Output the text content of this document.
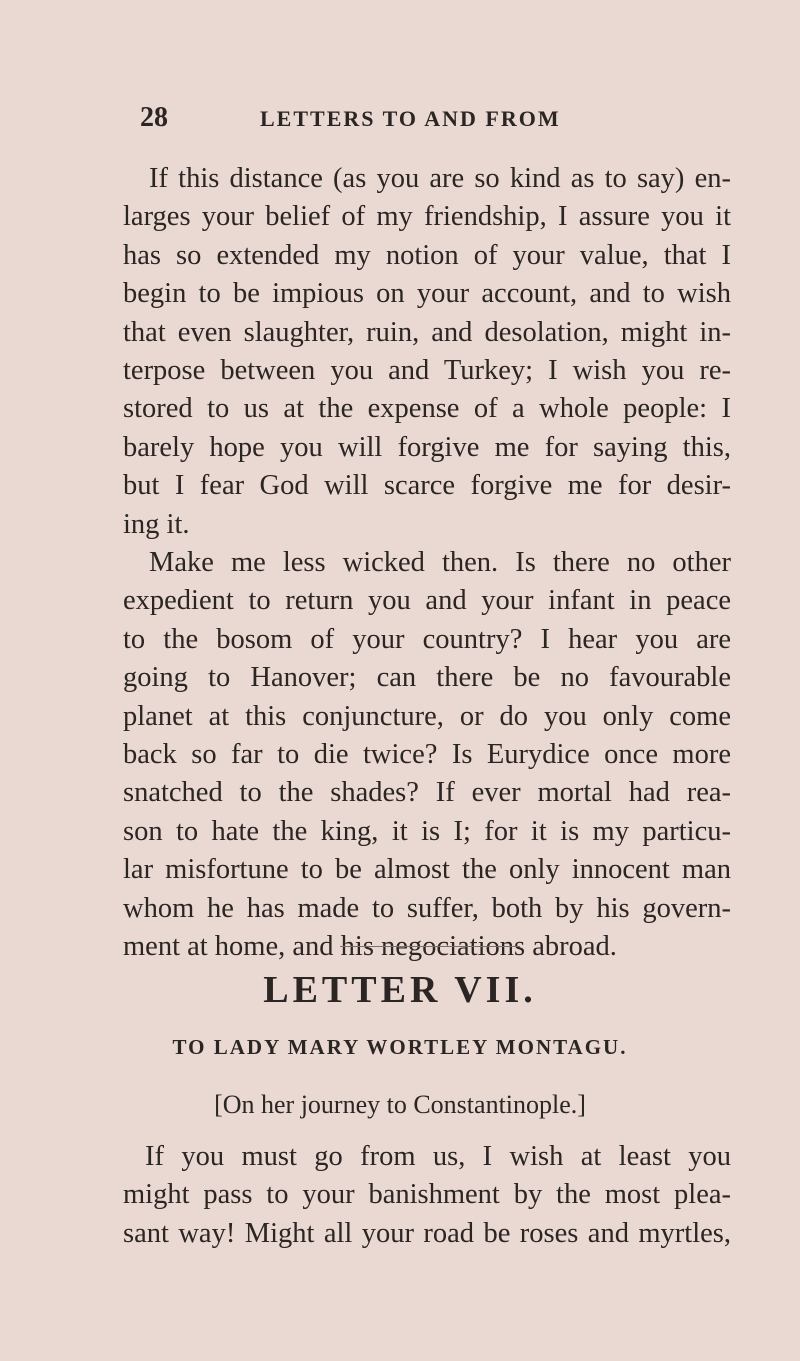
28	LETTERS TO AND FROM
If this distance (as you are so kind as to say) en-
larges your belief of my friendship, I assure you it
has so extended my notion of your value, that I
begin to be impious on your account, and to wish
that even slaughter, ruin, and desolation, might in-
terpose between you and Turkey; I wish you re-
stored to us at the expense of a whole people: I
barely hope you will forgive me for saying this,
but I fear God will scarce forgive me for desir-
ing it.
Make me less wicked then. Is there no other
expedient to return you and your infant in peace
to the bosom of your country? I hear you are
going to Hanover; can there be no favourable
planet at this conjuncture, or do you only come
back so far to die twice? Is Eurydice once more
snatched to the shades? If ever mortal had rea-
son to hate the king, it is I; for it is my particu-
lar misfortune to be almost the only innocent man
whom he has made to suffer, both by his govern-
ment at home, and his negociations abroad.
LETTER VII.
TO LADY MARY WORTLEY MONTAGU.
[On her journey to Constantinople.]
If you must go from us, I wish at least you
might pass to your banishment by the most plea-
sant way! Might all your road be roses and myrtles,
